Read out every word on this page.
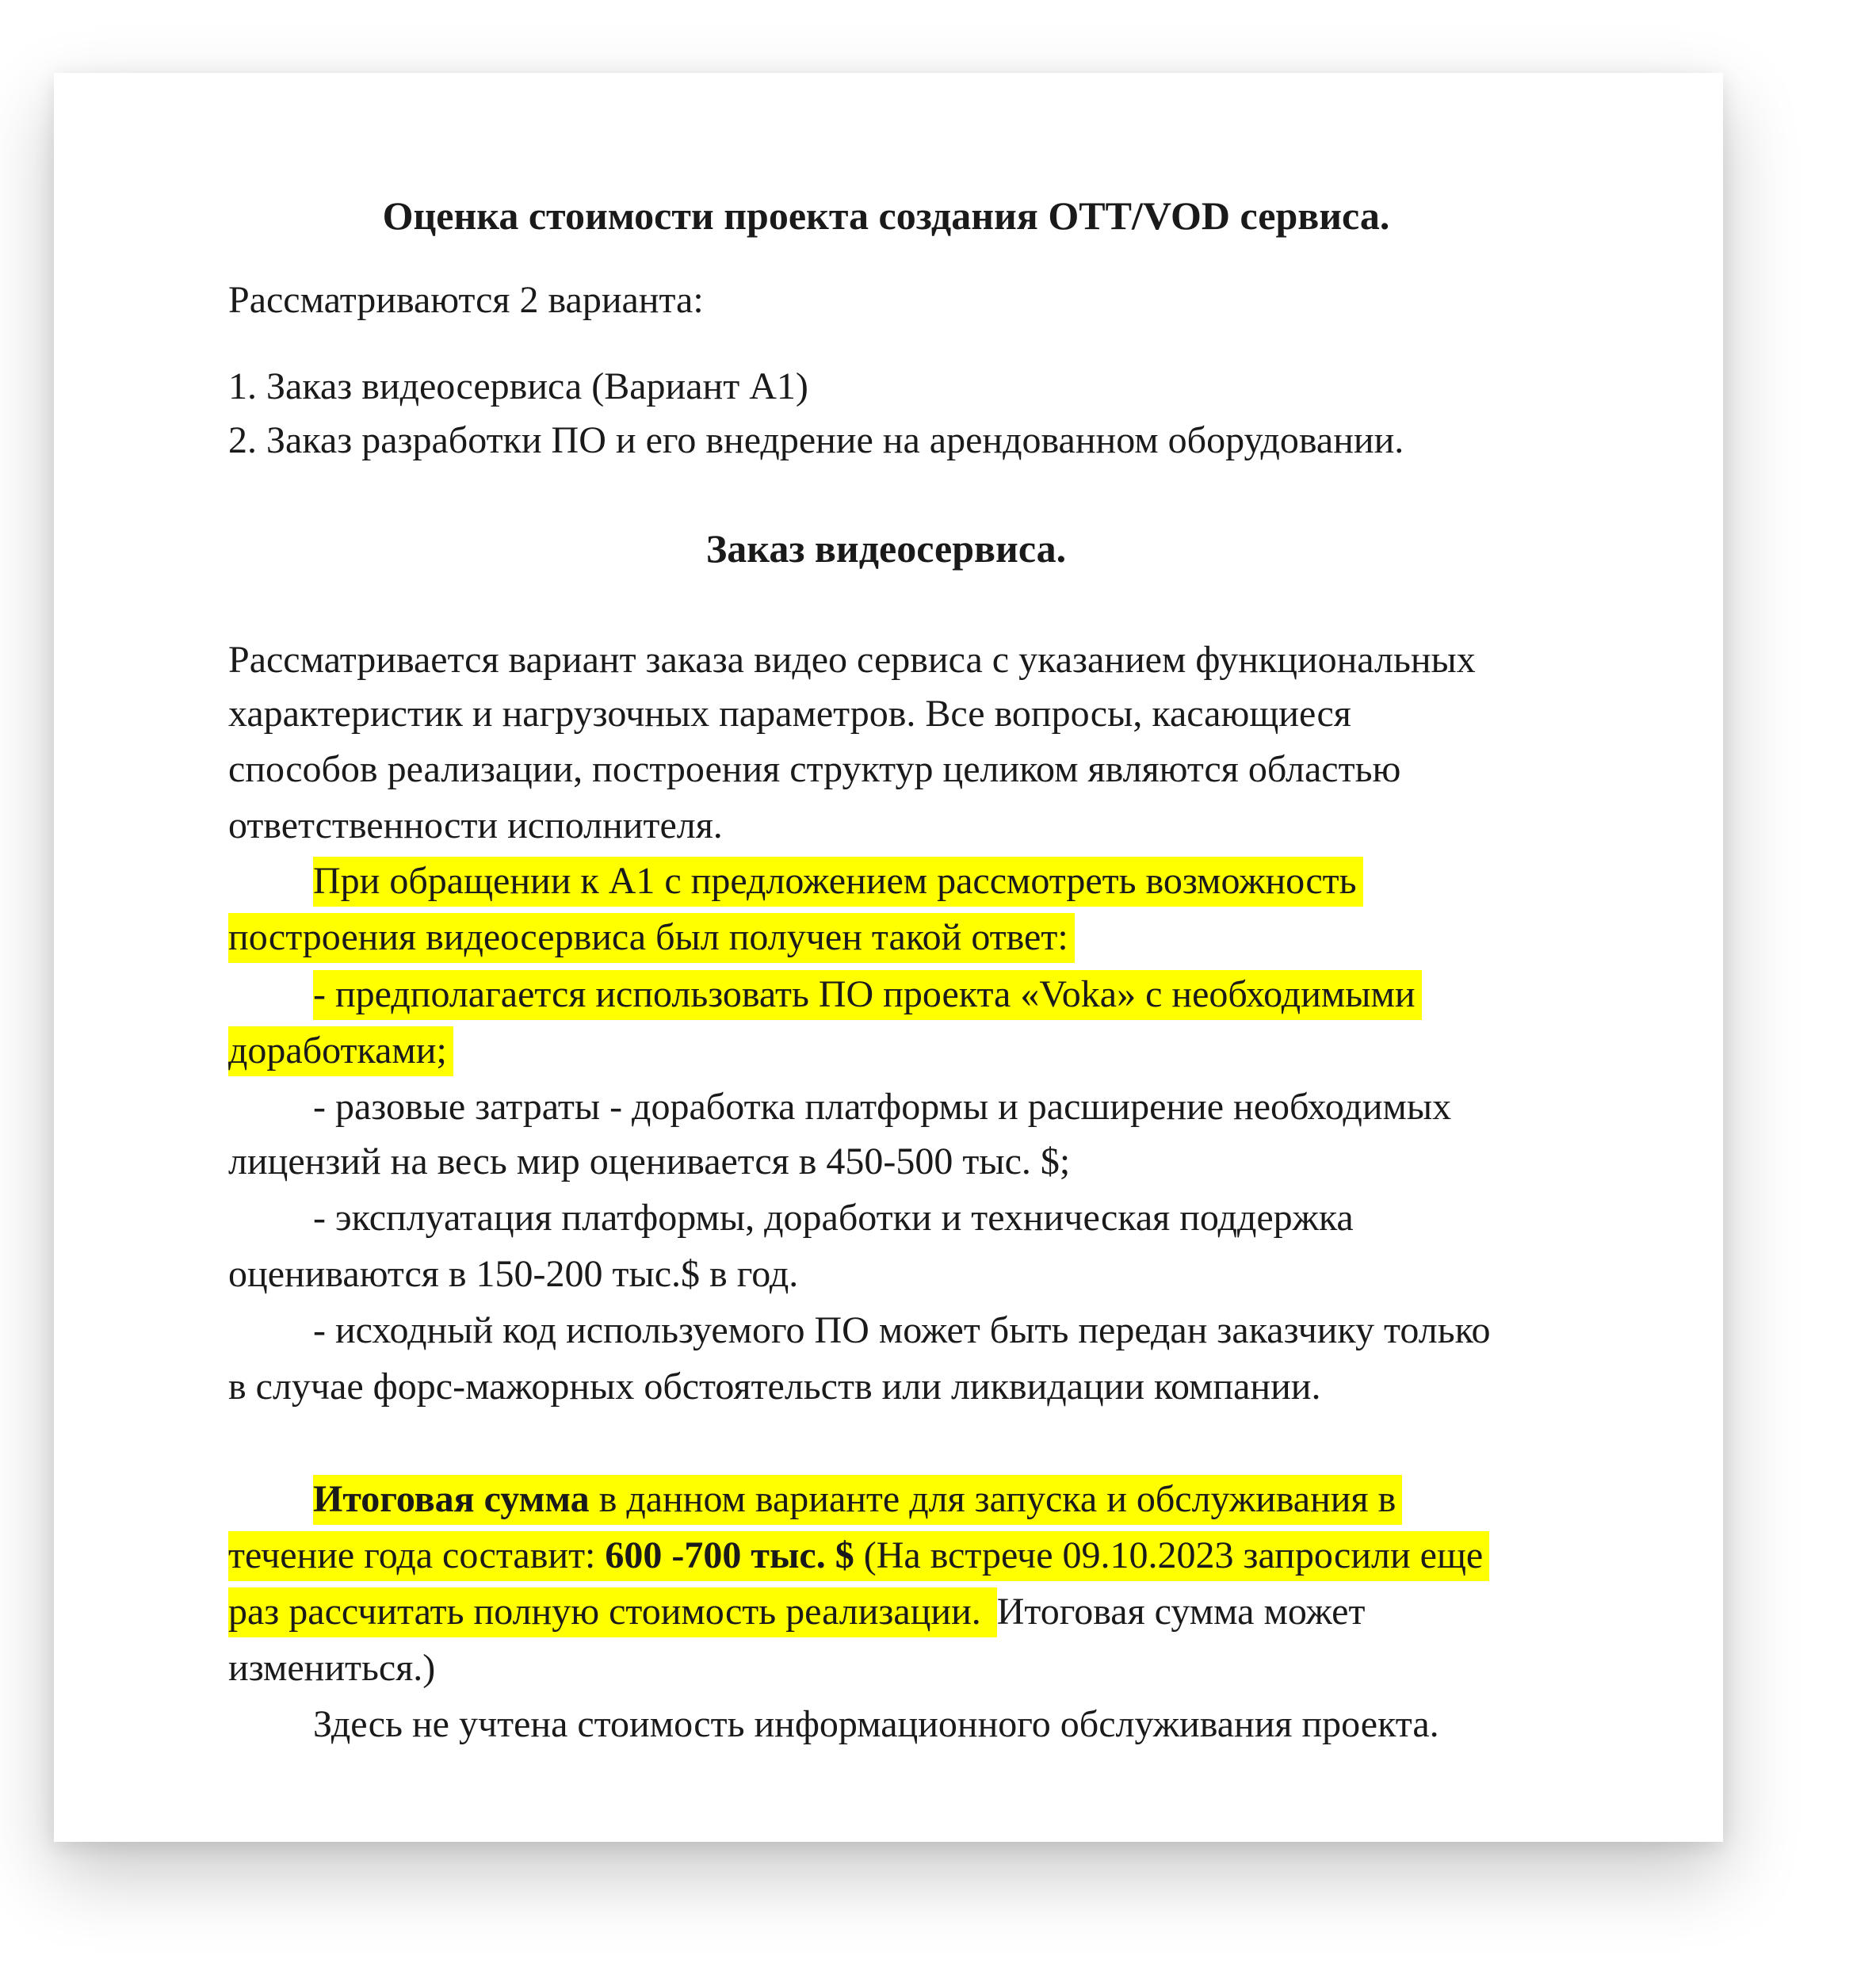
Оценка стоимости проекта создания OTT/VOD сервиса.

Рассматриваются 2 варианта:

1. Заказ видеосервиса (Вариант А1)

2. Заказ разработки ПО и его внедрение на арендованном оборудовании.

Заказ видеосервиса.

Рассматривается вариант заказа видео сервиса с указанием функциональных

характеристик и нагрузочных параметров. Все вопросы, касающиеся

способов реализации, построения структур целиком являются областью

ответственности исполнителя.

При обращении к А1 с предложением рассмотреть возможность

построения видеосервиса был получен такой ответ:

- предполагается использовать ПО проекта «Voka» с необходимыми

доработками;

- разовые затраты - доработка платформы и расширение необходимых

лицензий на весь мир оценивается в 450-500 тыс. $;

- эксплуатация платформы, доработки и техническая поддержка

оцениваются в 150-200 тыс.$ в год.

- исходный код используемого ПО может быть передан заказчику только

в случае форс-мажорных обстоятельств или ликвидации компании.

Итоговая сумма в данном варианте для запуска и обслуживания в

течение года составит: 600 -700 тыс. $ (На встрече 09.10.2023 запросили еще

раз рассчитать полную стоимость реализации. Итоговая сумма может

измениться.)

Здесь не учтена стоимость информационного обслуживания проекта.
